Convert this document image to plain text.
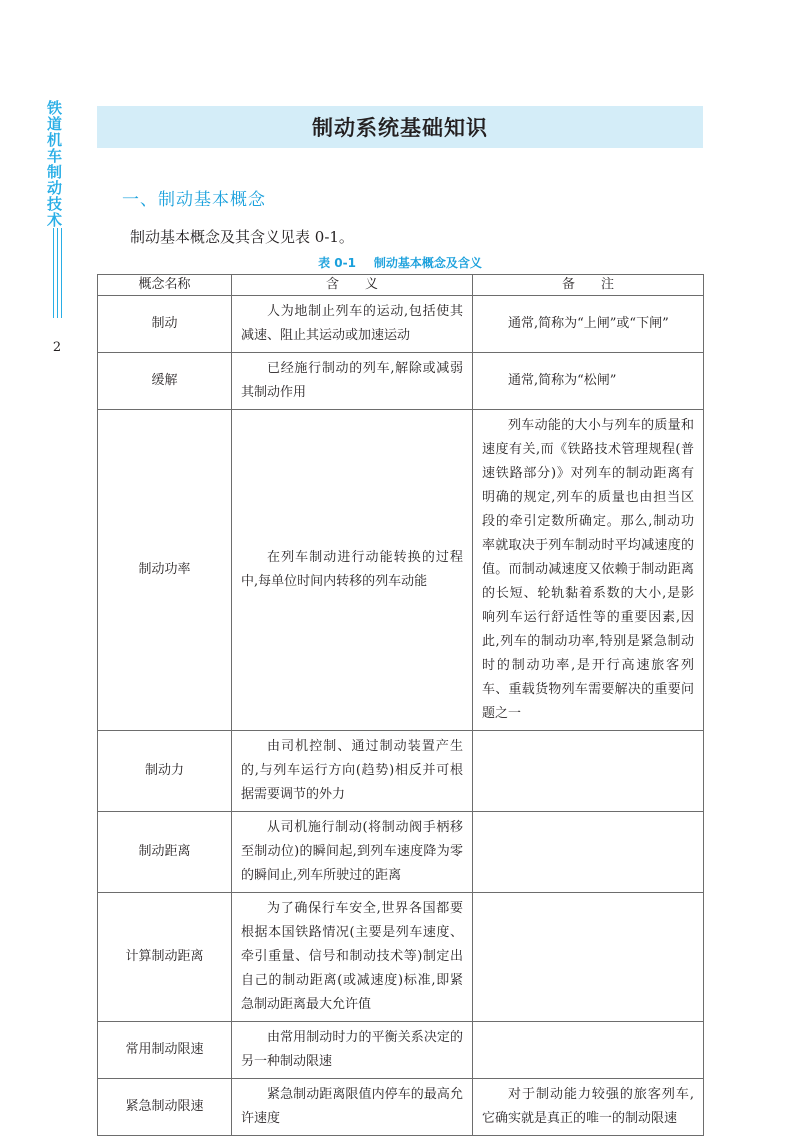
铁道机车制动技术
2
制动系统基础知识
一、制动基本概念
制动基本概念及其含义见表 0-1。
表 0-1 制动基本概念及含义
概念名称	含　　义	备　　注
制动	人为地制止列车的运动,包括使其减速、阻止其运动或加速运动	通常,简称为“上闸”或“下闸”
缓解	已经施行制动的列车,解除或减弱其制动作用	通常,简称为“松闸”
制动功率	在列车制动进行动能转换的过程中,每单位时间内转移的列车动能	列车动能的大小与列车的质量和速度有关,而《铁路技术管理规程(普速铁路部分)》对列车的制动距离有明确的规定,列车的质量也由担当区段的牵引定数所确定。那么,制动功率就取决于列车制动时平均减速度的值。而制动减速度又依赖于制动距离的长短、轮轨黏着系数的大小,是影响列车运行舒适性等的重要因素,因此,列车的制动功率,特别是紧急制动时的制动功率,是开行高速旅客列车、重载货物列车需要解决的重要问题之一
制动力	由司机控制、通过制动装置产生的,与列车运行方向(趋势)相反并可根据需要调节的外力	
制动距离	从司机施行制动(将制动阀手柄移至制动位)的瞬间起,到列车速度降为零的瞬间止,列车所驶过的距离	
计算制动距离	为了确保行车安全,世界各国都要根据本国铁路情况(主要是列车速度、牵引重量、信号和制动技术等)制定出自己的制动距离(或减速度)标准,即紧急制动距离最大允许值	
常用制动限速	由常用制动时力的平衡关系决定的另一种制动限速	
紧急制动限速	紧急制动距离限值内停车的最高允许速度	对于制动能力较强的旅客列车,它确实就是真正的唯一的制动限速
